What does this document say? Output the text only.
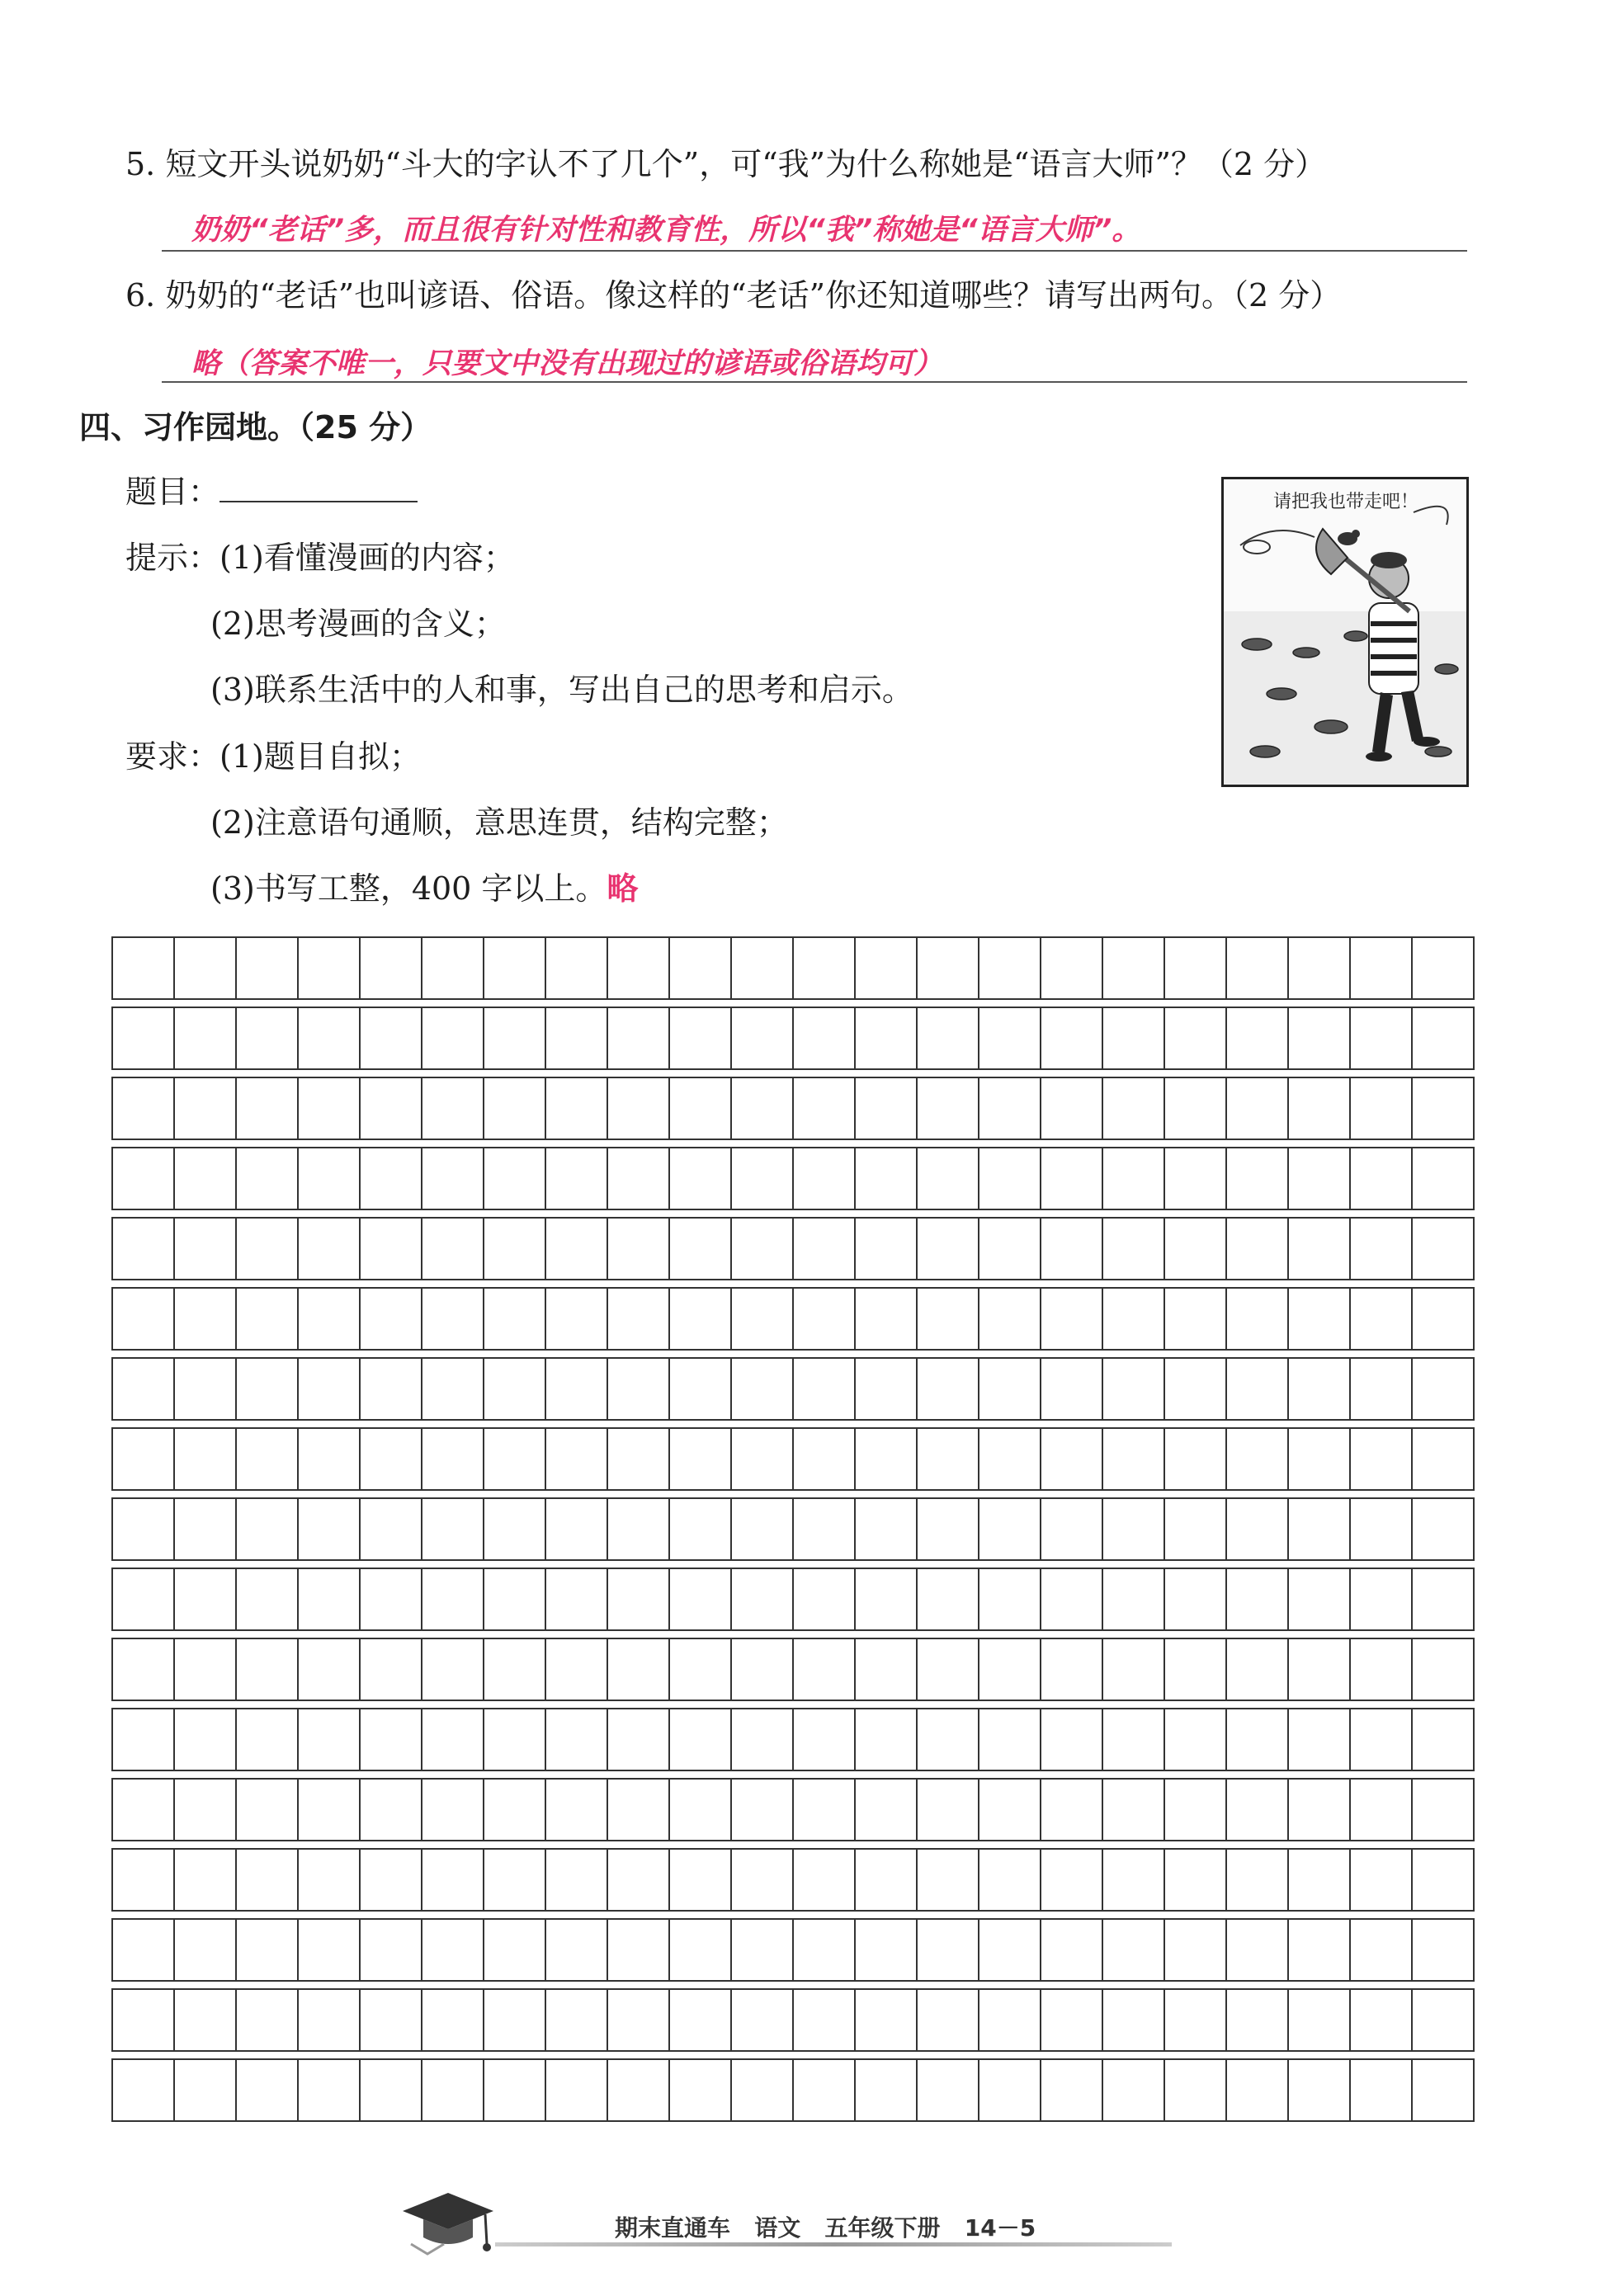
5. 短文开头说奶奶“斗大的字认不了几个”，可“我”为什么称她是“语言大师”？（2 分）
奶奶“老话”多，而且很有针对性和教育性，所以“我”称她是“语言大师”。
6. 奶奶的“老话”也叫谚语、俗语。像这样的“老话”你还知道哪些？请写出两句。（2 分）
略（答案不唯一，只要文中没有出现过的谚语或俗语均可）
四、习作园地。（25 分）
题目：
提示：(1)看懂漫画的内容；
(2)思考漫画的含义；
(3)联系生活中的人和事，写出自己的思考和启示。
要求：(1)题目自拟；
(2)注意语句通顺，意思连贯，结构完整；
(3)书写工整，400 字以上。略
请把我也带走吧！
期末直通车 语文 五年级下册 14－5
